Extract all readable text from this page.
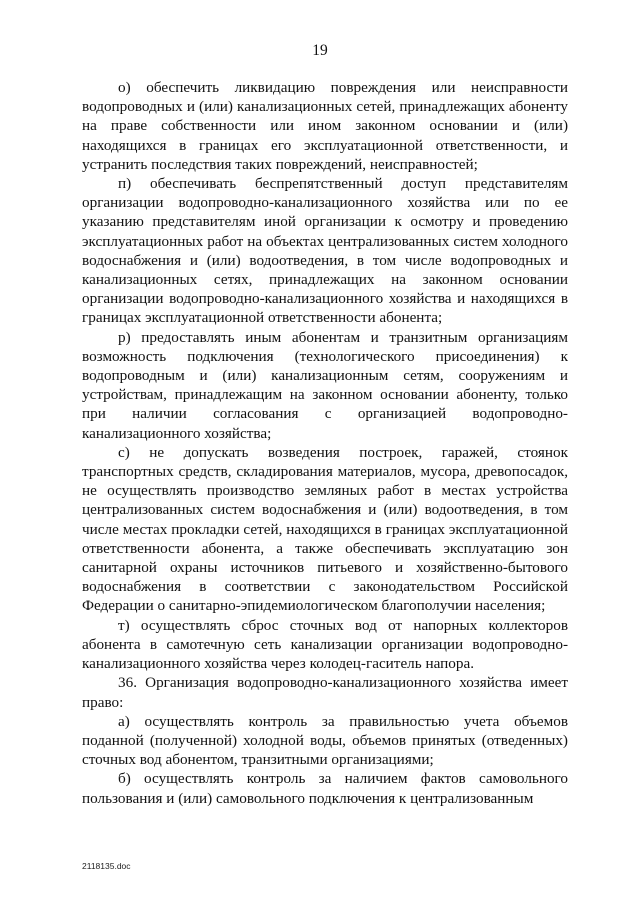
19

о) обеспечить ликвидацию повреждения или неисправности водопроводных и (или) канализационных сетей, принадлежащих абоненту на праве собственности или ином законном основании и (или) находящихся в границах его эксплуатационной ответственности, и устранить последствия таких повреждений, неисправностей;

п) обеспечивать беспрепятственный доступ представителям организации водопроводно-канализационного хозяйства или по ее указанию представителям иной организации к осмотру и проведению эксплуатационных работ на объектах централизованных систем холодного водоснабжения и (или) водоотведения, в том числе водопроводных и канализационных сетях, принадлежащих на законном основании организации водопроводно-канализационного хозяйства и находящихся в границах эксплуатационной ответственности абонента;

р) предоставлять иным абонентам и транзитным организациям возможность подключения (технологического присоединения) к водопроводным и (или) канализационным сетям, сооружениям и устройствам, принадлежащим на законном основании абоненту, только при наличии согласования с организацией водопроводно-канализационного хозяйства;

с) не допускать возведения построек, гаражей, стоянок транспортных средств, складирования материалов, мусора, древопосадок, не осуществлять производство земляных работ в местах устройства централизованных систем водоснабжения и (или) водоотведения, в том числе местах прокладки сетей, находящихся в границах эксплуатационной ответственности абонента, а также обеспечивать эксплуатацию зон санитарной охраны источников питьевого и хозяйственно-бытового водоснабжения в соответствии с законодательством Российской Федерации о санитарно-эпидемиологическом благополучии населения;

т) осуществлять сброс сточных вод от напорных коллекторов абонента в самотечную сеть канализации организации водопроводно-канализационного хозяйства через колодец-гаситель напора.

36. Организация водопроводно-канализационного хозяйства имеет право:

а) осуществлять контроль за правильностью учета объемов поданной (полученной) холодной воды, объемов принятых (отведенных) сточных вод абонентом, транзитными организациями;

б) осуществлять контроль за наличием фактов самовольного пользования и (или) самовольного подключения к централизованным

2118135.doc
